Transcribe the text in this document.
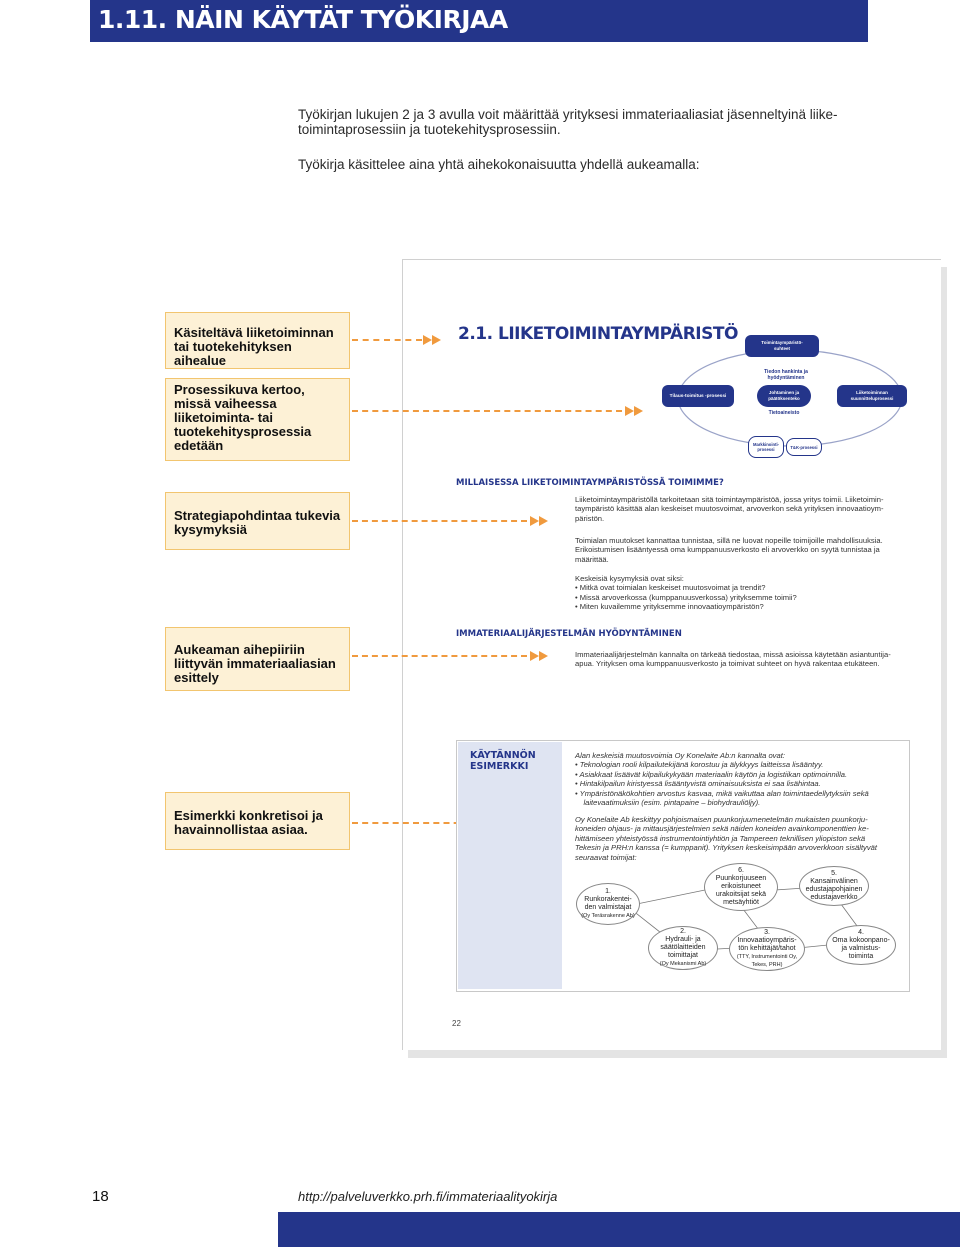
1.11. NÄIN KÄYTÄT TYÖKIRJAA
Työkirjan lukujen 2 ja 3 avulla voit määrittää yrityksesi immateriaaliasiat jäsenneltyinä liike-
toimintaprosessiin ja tuotekehitysprosessiin.
Työkirja käsittelee aina yhtä aihekokonaisuutta yhdellä aukeamalla:
Käsiteltävä liiketoiminnan tai tuotekehityksen aihealue
Prosessikuva kertoo, missä vaiheessa liiketoiminta- tai tuotekehitysprosessia edetään
Strategiapohdintaa tukevia kysymyksiä
Aukeaman aihepiiriin liittyvän immateriaaliasian esittely
Esimerkki konkretisoi ja havainnollistaa asiaa.
2.1. LIIKETOIMINTAYMPÄRISTÖ	Toimintaympäristö-
suhteet
Tiedon hankinta ja hyödyntäminen
Tilaus-toimitus -prosessi
Johtaminen ja
päätöksenteko
Tietoaineisto
Liiketoiminnan
suunnitteluprosessi
Markkinointi-
prosessi	T&K-prosessi
MILLAISESSA LIIKETOIMINTAYMPÄRISTÖSSÄ TOIMIMME?
Liiketoimintaympäristöllä tarkoitetaan sitä toimintaympäristöä, jossa yritys toimii. Liiketoimin-
taympäristö käsittää alan keskeiset muutosvoimat, arvoverkon sekä yrityksen innovaatioym-
päristön.
Toimialan muutokset kannattaa tunnistaa, sillä ne luovat nopeille toimijoille mahdollisuuksia.
Erikoistumisen lisääntyessä oma kumppanuusverkosto eli arvoverkko on syytä tunnistaa ja
määrittää.
Keskeisiä kysymyksiä ovat siksi:
• Mitkä ovat toimialan keskeiset muutosvoimat ja trendit?
• Missä arvoverkossa (kumppanuusverkossa) yrityksemme toimii?
• Miten kuvailemme yrityksemme innovaatioympäristön?
IMMATERIAALIJÄRJESTELMÄN HYÖDYNTÄMINEN
Immateriaalijärjestelmän kannalta on tärkeää tiedostaa, missä asioissa käytetään asiantuntija-
apua. Yrityksen oma kumppanuusverkosto ja toimivat suhteet on hyvä rakentaa etukäteen.
KÄYTÄNNÖN
ESIMERKKI
Alan keskeisiä muutosvoimia Oy Konelaite Ab:n kannalta ovat:
• Teknologian rooli kilpailutekijänä korostuu ja älykkyys laitteissa lisääntyy.
• Asiakkaat lisäävät kilpailukykyään materiaalin käytön ja logistiikan optimoinnilla.
• Hintakilpailun kiristyessä lisääntyvistä ominaisuuksista ei saa lisähintaa.
• Ympäristönäkökohtien arvostus kasvaa, mikä vaikuttaa alan toimintaedellytyksiin sekä
laitevaatimuksiin (esim. pintapaine – biohydrauliöljy).
Oy Konelaite Ab keskittyy pohjoismaisen puunkorjuumenetelmän mukaisten puunkorju-
koneiden ohjaus- ja mittausjärjestelmien sekä näiden koneiden avainkomponenttien ke-
hittämiseen yhteistyössä instrumentointiyhtiön ja Tampereen teknillisen yliopiston sekä
Tekesin ja PRH:n kanssa (= kumppanit). Yrityksen keskeisimpään arvoverkkoon sisältyvät
seuraavat toimijat:
1.
Runkorakentei-
den valmistajat
(Oy Teräsrakenne Ab)
2.
Hydrauli- ja
säätölaitteiden
toimittajat
(Oy Mekanismi Ab)
3.
Innovaatioympäris-
tön kehittäjät/tahot
(TTY, Instrumentointi Oy,
Tekes, PRH)
4.
Oma kokoonpano-
ja valmistus-
toiminta
5.
Kansainvälinen
edustajapohjainen
edustajaverkko
6.
Puunkorjuuseen
erikoistuneet
urakoitsijat sekä
metsäyhtiöt
22
18	http://palveluverkko.prh.fi/immateriaalityokirja
